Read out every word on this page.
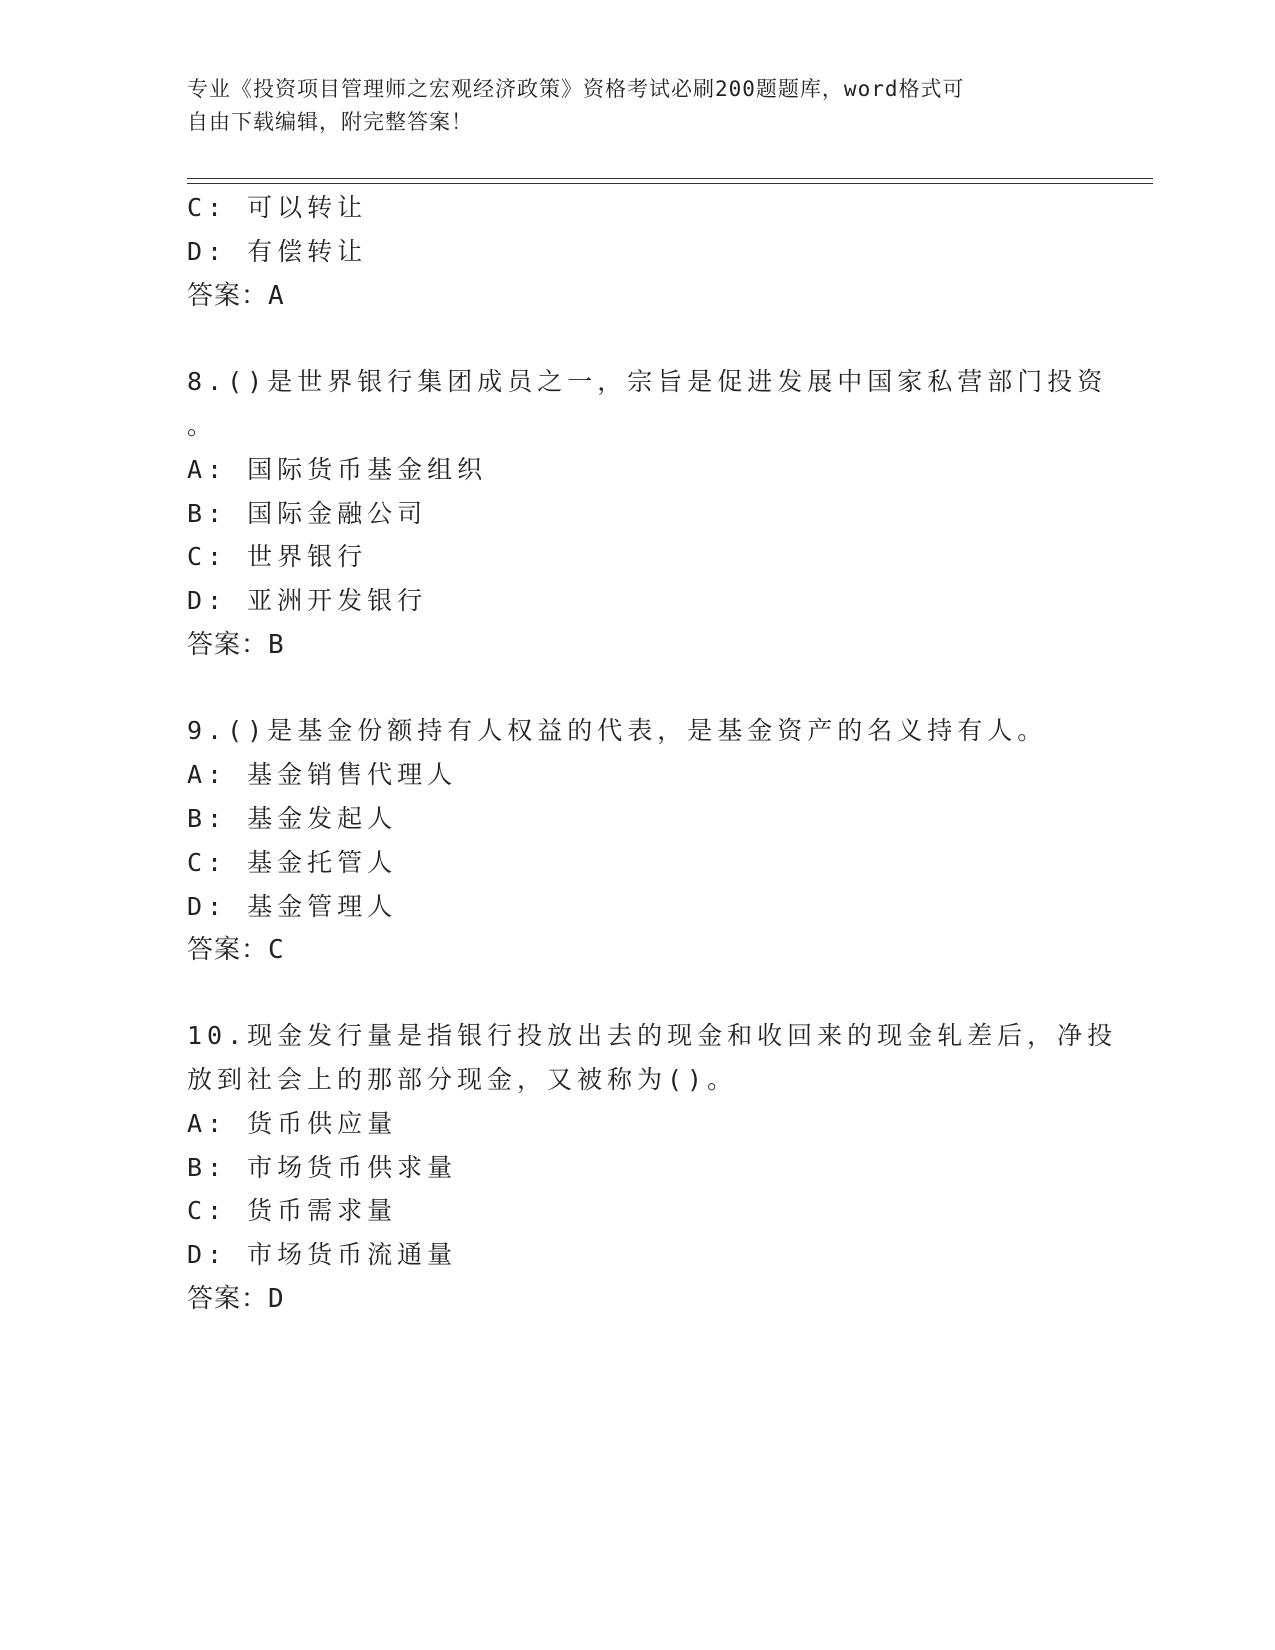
专业《投资项目管理师之宏观经济政策》资格考试必刷200题题库，word格式可
自由下载编辑，附完整答案！
C: 可以转让
D: 有偿转让
答案：A
8.()是世界银行集团成员之一，宗旨是促进发展中国家私营部门投资
。
A: 国际货币基金组织
B: 国际金融公司
C: 世界银行
D: 亚洲开发银行
答案：B
9.()是基金份额持有人权益的代表，是基金资产的名义持有人。
A: 基金销售代理人
B: 基金发起人
C: 基金托管人
D: 基金管理人
答案：C
10.现金发行量是指银行投放出去的现金和收回来的现金轧差后，净投
放到社会上的那部分现金，又被称为()。
A: 货币供应量
B: 市场货币供求量
C: 货币需求量
D: 市场货币流通量
答案：D
